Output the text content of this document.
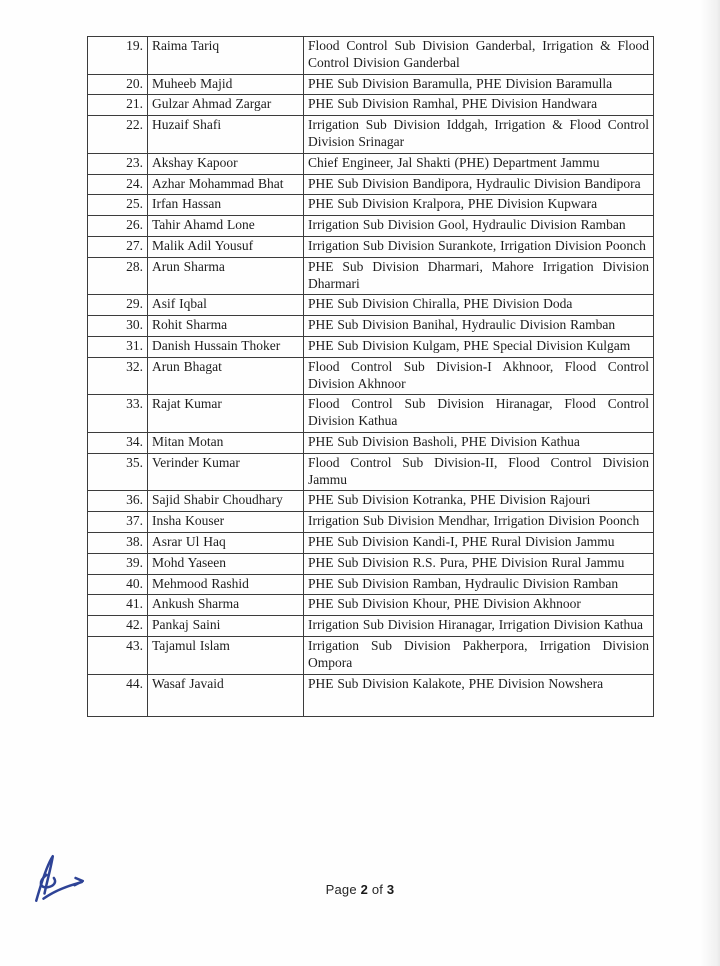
19.	Raima Tariq	Flood Control Sub Division Ganderbal, Irrigation & Flood Control Division Ganderbal
20.	Muheeb Majid	PHE Sub Division Baramulla, PHE Division Baramulla
21.	Gulzar Ahmad Zargar	PHE Sub Division Ramhal, PHE Division Handwara
22.	Huzaif Shafi	Irrigation Sub Division Iddgah, Irrigation & Flood Control Division Srinagar
23.	Akshay Kapoor	Chief Engineer, Jal Shakti (PHE) Department Jammu
24.	Azhar Mohammad Bhat	PHE Sub Division Bandipora, Hydraulic Division Bandipora
25.	Irfan Hassan	PHE Sub Division Kralpora, PHE Division Kupwara
26.	Tahir Ahamd Lone	Irrigation Sub Division Gool, Hydraulic Division Ramban
27.	Malik Adil Yousuf	Irrigation Sub Division Surankote, Irrigation Division Poonch
28.	Arun Sharma	PHE Sub Division Dharmari, Mahore Irrigation Division Dharmari
29.	Asif Iqbal	PHE Sub Division Chiralla, PHE Division Doda
30.	Rohit Sharma	PHE Sub Division Banihal, Hydraulic Division Ramban
31.	Danish Hussain Thoker	PHE Sub Division Kulgam, PHE Special Division Kulgam
32.	Arun Bhagat	Flood Control Sub Division-I Akhnoor, Flood Control Division Akhnoor
33.	Rajat Kumar	Flood Control Sub Division Hiranagar, Flood Control Division Kathua
34.	Mitan Motan	PHE Sub Division Basholi, PHE Division Kathua
35.	Verinder Kumar	Flood Control Sub Division-II, Flood Control Division Jammu
36.	Sajid Shabir Choudhary	PHE Sub Division Kotranka, PHE Division Rajouri
37.	Insha Kouser	Irrigation Sub Division Mendhar, Irrigation Division Poonch
38.	Asrar Ul Haq	PHE Sub Division Kandi-I, PHE Rural Division Jammu
39.	Mohd Yaseen	PHE Sub Division R.S. Pura, PHE Division Rural Jammu
40.	Mehmood Rashid	PHE Sub Division Ramban, Hydraulic Division Ramban
41.	Ankush Sharma	PHE Sub Division Khour, PHE Division Akhnoor
42.	Pankaj Saini	Irrigation Sub Division Hiranagar, Irrigation Division Kathua
43.	Tajamul Islam	Irrigation Sub Division Pakherpora, Irrigation Division Ompora
44.	Wasaf Javaid	PHE Sub Division Kalakote, PHE Division Nowshera
Page 2 of 3
